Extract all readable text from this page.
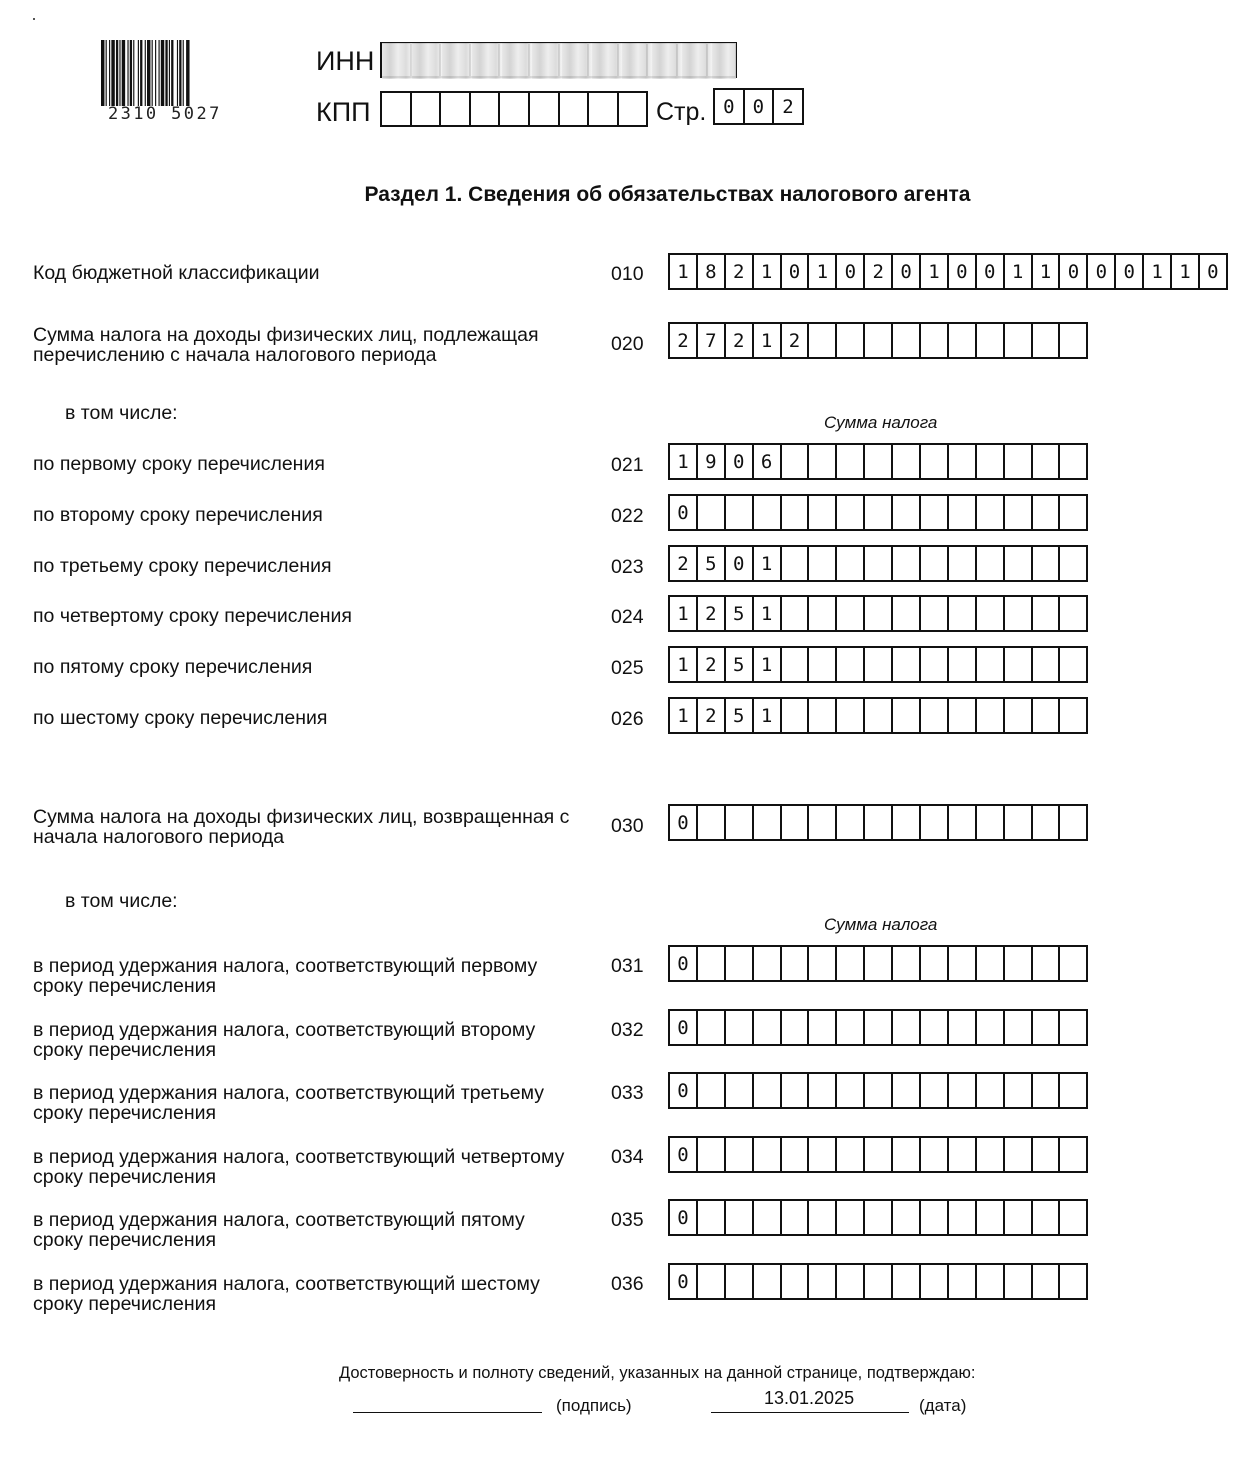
2310 5027
ИНН
КПП	Стр. 0 0 2
Раздел 1. Сведения об обязательствах налогового агента
Код бюджетной классификации	010	1 8 2 1 0 1 0 2 0 1 0 0 1 1 0 0 0 1 1 0
Сумма налога на доходы физических лиц, подлежащая
перечислению с начала налогового периода	020	2 7 2 1 2
в том числе:	Сумма налога
по первому сроку перечисления	021	1 9 0 6
по второму сроку перечисления	022	0
по третьему сроку перечисления	023	2 5 0 1
по четвертому сроку перечисления	024	1 2 5 1
по пятому сроку перечисления	025	1 2 5 1
по шестому сроку перечисления	026	1 2 5 1
Сумма налога на доходы физических лиц, возвращенная с
начала налогового периода	030	0
в том числе:
Сумма налога
в период удержания налога, соответствующий первому
сроку перечисления
031	0
в период удержания налога, соответствующий второму
сроку перечисления
032	0
в период удержания налога, соответствующий третьему
сроку перечисления
033	0
в период удержания налога, соответствующий четвертому
сроку перечисления
034	0
в период удержания налога, соответствующий пятому
сроку перечисления
035	0
в период удержания налога, соответствующий шестому
сроку перечисления
036	0
Достоверность и полноту сведений, указанных на данной странице, подтверждаю:
(подпись)	13.01.2025	(дата)
